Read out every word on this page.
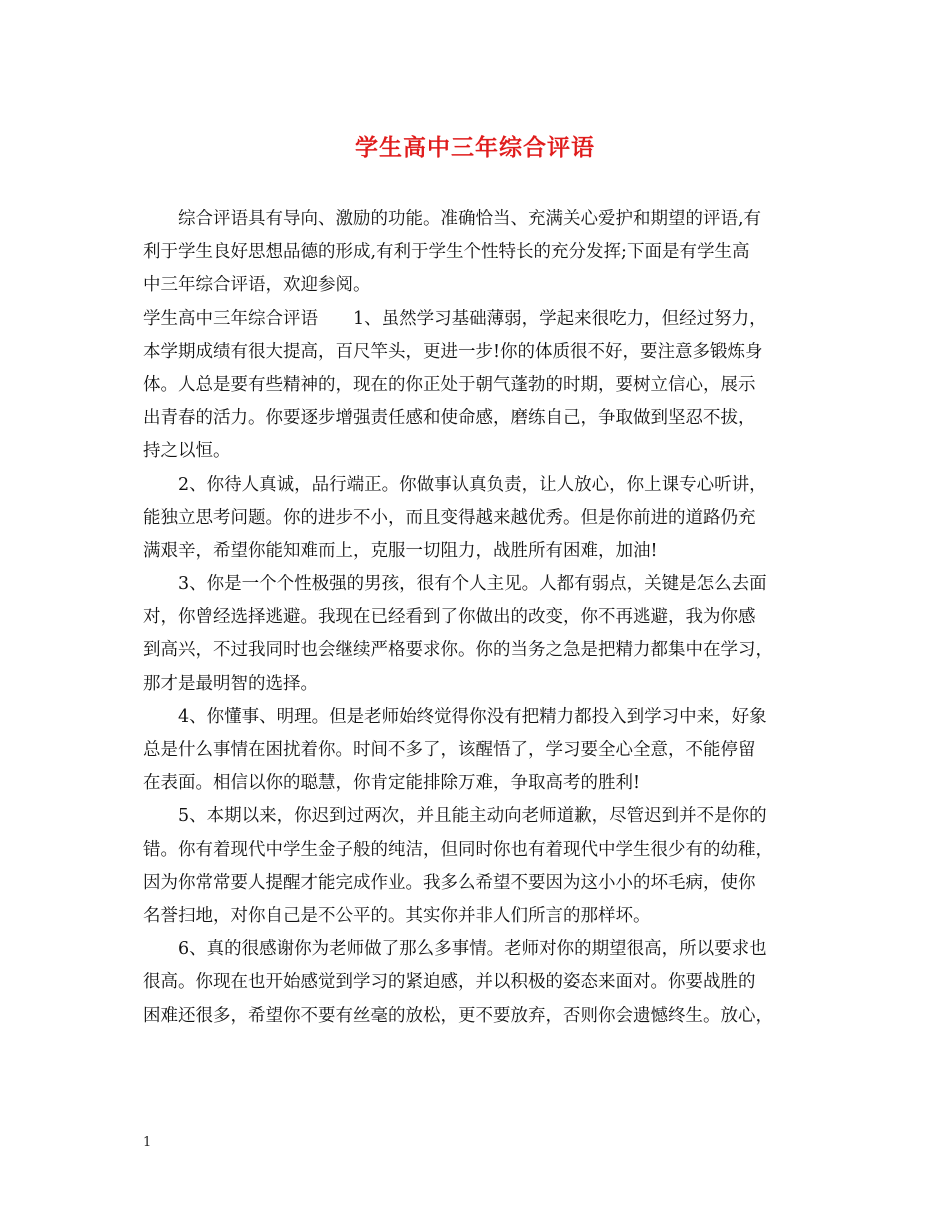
学生高中三年综合评语
综合评语具有导向、激励的功能。准确恰当、充满关心爱护和期望的评语,有
利于学生良好思想品德的形成,有利于学生个性特长的充分发挥;下面是有学生高
中三年综合评语，欢迎参阅。
学生高中三年综合评语　　1、虽然学习基础薄弱，学起来很吃力，但经过努力，
本学期成绩有很大提高，百尺竿头，更进一步!你的体质很不好，要注意多锻炼身
体。人总是要有些精神的，现在的你正处于朝气蓬勃的时期，要树立信心，展示
出青春的活力。你要逐步增强责任感和使命感，磨练自己，争取做到坚忍不拔，
持之以恒。
2、你待人真诚，品行端正。你做事认真负责，让人放心，你上课专心听讲，
能独立思考问题。你的进步不小，而且变得越来越优秀。但是你前进的道路仍充
满艰辛，希望你能知难而上，克服一切阻力，战胜所有困难，加油!
3、你是一个个性极强的男孩，很有个人主见。人都有弱点，关键是怎么去面
对，你曾经选择逃避。我现在已经看到了你做出的改变，你不再逃避，我为你感
到高兴，不过我同时也会继续严格要求你。你的当务之急是把精力都集中在学习，
那才是最明智的选择。
4、你懂事、明理。但是老师始终觉得你没有把精力都投入到学习中来，好象
总是什么事情在困扰着你。时间不多了，该醒悟了，学习要全心全意，不能停留
在表面。相信以你的聪慧，你肯定能排除万难，争取高考的胜利!
5、本期以来，你迟到过两次，并且能主动向老师道歉，尽管迟到并不是你的
错。你有着现代中学生金子般的纯洁，但同时你也有着现代中学生很少有的幼稚，
因为你常常要人提醒才能完成作业。我多么希望不要因为这小小的坏毛病，使你
名誉扫地，对你自己是不公平的。其实你并非人们所言的那样坏。
6、真的很感谢你为老师做了那么多事情。老师对你的期望很高，所以要求也
很高。你现在也开始感觉到学习的紧迫感，并以积极的姿态来面对。你要战胜的
困难还很多，希望你不要有丝毫的放松，更不要放弃，否则你会遗憾终生。放心，
1
